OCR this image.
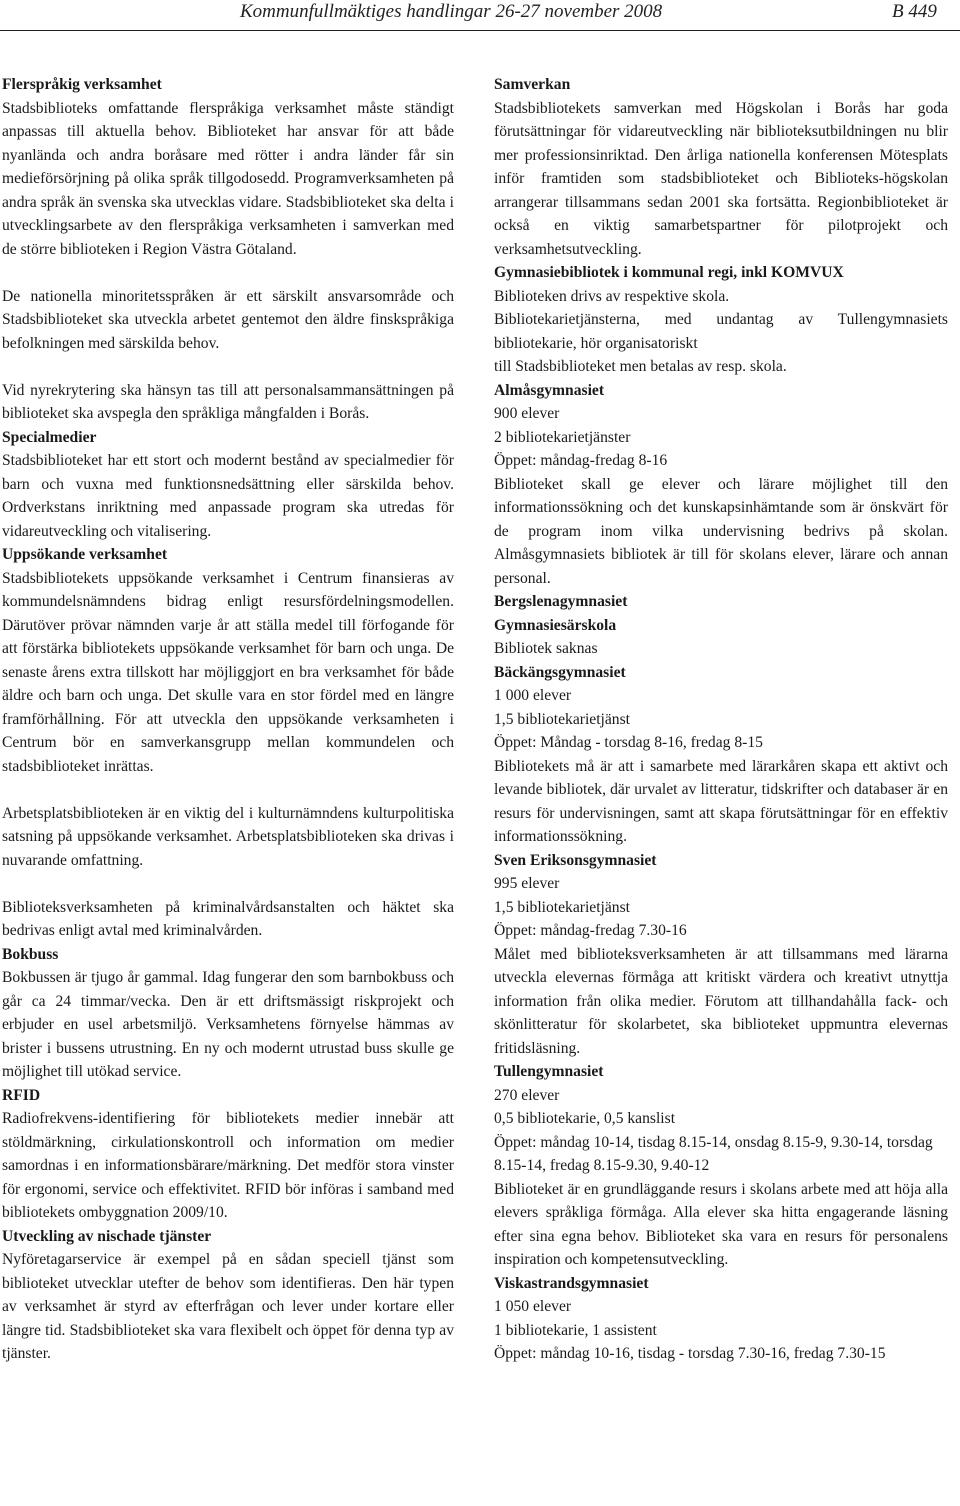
Kommunfullmäktiges handlingar 26-27 november 2008	B 449
Flerspråkig verksamhet

Stadsbiblioteks omfattande flerspråkiga verksamhet måste ständigt anpassas till aktuella behov. Biblioteket har ansvar för att både nyanlända och andra boråsare med rötter i andra länder får sin medieförsörjning på olika språk tillgodosedd. Programverksamheten på andra språk än svenska ska utvecklas vidare. Stadsbiblioteket ska delta i utvecklingsarbete av den flerspråkiga verksamheten i samverkan med de större biblioteken i Region Västra Götaland.

De nationella minoritetsspråken är ett särskilt ansvarsområde och Stadsbiblioteket ska utveckla arbetet gentemot den äldre finskspråkiga befolkningen med särskilda behov.

Vid nyrekrytering ska hänsyn tas till att personalsammansättningen på biblioteket ska avspegla den språkliga mångfalden i Borås.

Specialmedier

Stadsbiblioteket har ett stort och modernt bestånd av specialmedier för barn och vuxna med funktionsnedsättning eller särskilda behov. Ordverkstans inriktning med anpassade program ska utredas för vidareutveckling och vitalisering.

Uppsökande verksamhet

Stadsbibliotekets uppsökande verksamhet i Centrum finansieras av kommundelsnämndens bidrag enligt resursfördelningsmodellen. Därutöver prövar nämnden varje år att ställa medel till förfogande för att förstärka bibliotekets uppsökande verksamhet för barn och unga. De senaste årens extra tillskott har möjliggjort en bra verksamhet för både äldre och barn och unga. Det skulle vara en stor fördel med en längre framförhållning. För att utveckla den uppsökande verksamheten i Centrum bör en samverkansgrupp mellan kommundelen och stadsbiblioteket inrättas.

Arbetsplatsbiblioteken är en viktig del i kulturnämndens kulturpolitiska satsning på uppsökande verksamhet. Arbetsplatsbiblioteken ska drivas i nuvarande omfattning.

Biblioteksverksamheten på kriminalvårdsanstalten och häktet ska bedrivas enligt avtal med kriminalvården.

Bokbuss

Bokbussen är tjugo år gammal. Idag fungerar den som barnbokbuss och går ca 24 timmar/vecka. Den är ett driftsmässigt riskprojekt och erbjuder en usel arbetsmiljö. Verksamhetens förnyelse hämmas av brister i bussens utrustning. En ny och modernt utrustad buss skulle ge möjlighet till utökad service.

RFID

Radiofrekvens-identifiering för bibliotekets medier innebär att stöldmärkning, cirkulationskontroll och information om medier samordnas i en informationsbärare/märkning. Det medför stora vinster för ergonomi, service och effektivitet. RFID bör införas i samband med bibliotekets ombyggnation 2009/10.

Utveckling av nischade tjänster

Nyföretagarservice är exempel på en sådan speciell tjänst som biblioteket utvecklar utefter de behov som identifieras. Den här typen av verksamhet är styrd av efterfrågan och lever under kortare eller längre tid. Stadsbiblioteket ska vara flexibelt och öppet för denna typ av tjänster.

Samverkan

Stadsbibliotekets samverkan med Högskolan i Borås har goda förutsättningar för vidareutveckling när biblioteksutbildningen nu blir mer professionsinriktad. Den årliga nationella konferensen Mötesplats inför framtiden som stadsbiblioteket och Biblioteks-högskolan arrangerar tillsammans sedan 2001 ska fortsätta. Regionbiblioteket är också en viktig samarbetspartner för pilotprojekt och verksamhetsutveckling.

Gymnasiebibliotek i kommunal regi, inkl KOMVUX

Biblioteken drivs av respektive skola.
Bibliotekarietjänsterna, med undantag av Tullengymnasiets bibliotekarie, hör organisatoriskt
till Stadsbiblioteket men betalas av resp. skola.

Almåsgymnasiet
900 elever
2 bibliotekarietjänster
Öppet: måndag-fredag 8-16

Biblioteket skall ge elever och lärare möjlighet till den informationssökning och det kunskapsinhämtande som är önskvärt för de program inom vilka undervisning bedrivs på skolan. Almåsgymnasiets bibliotek är till för skolans elever, lärare och annan personal.

Bergslenagymnasiet
Gymnasiesärskola

Bibliotek saknas

Bäckängsgymnasiet
1 000 elever
1,5 bibliotekarietjänst
Öppet: Måndag - torsdag 8-16, fredag 8-15

Bibliotekets må är att i samarbete med lärarkåren skapa ett aktivt och levande bibliotek, där urvalet av litteratur, tidskrifter och databaser är en resurs för undervisningen, samt att skapa förutsättningar för en effektiv informationssökning.

Sven Eriksonsgymnasiet
995 elever
1,5 bibliotekarietjänst
Öppet: måndag-fredag 7.30-16

Målet med biblioteksverksamheten är att tillsammans med lärarna utveckla elevernas förmåga att kritiskt värdera och kreativt utnyttja information från olika medier. Förutom att tillhandahålla fack- och skönlitteratur för skolarbetet, ska biblioteket uppmuntra elevernas fritidsläsning.

Tullengymnasiet
270 elever
0,5 bibliotekarie, 0,5 kanslist
Öppet: måndag 10-14, tisdag 8.15-14, onsdag 8.15-9, 9.30-14, torsdag 8.15-14, fredag 8.15-9.30, 9.40-12

Biblioteket är en grundläggande resurs i skolans arbete med att höja alla elevers språkliga förmåga. Alla elever ska hitta engagerande läsning efter sina egna behov. Biblioteket ska vara en resurs för personalens inspiration och kompetensutveckling.

Viskastrandsgymnasiet
1 050 elever
1 bibliotekarie, 1 assistent
Öppet: måndag 10-16, tisdag - torsdag 7.30-16, fredag 7.30-15
